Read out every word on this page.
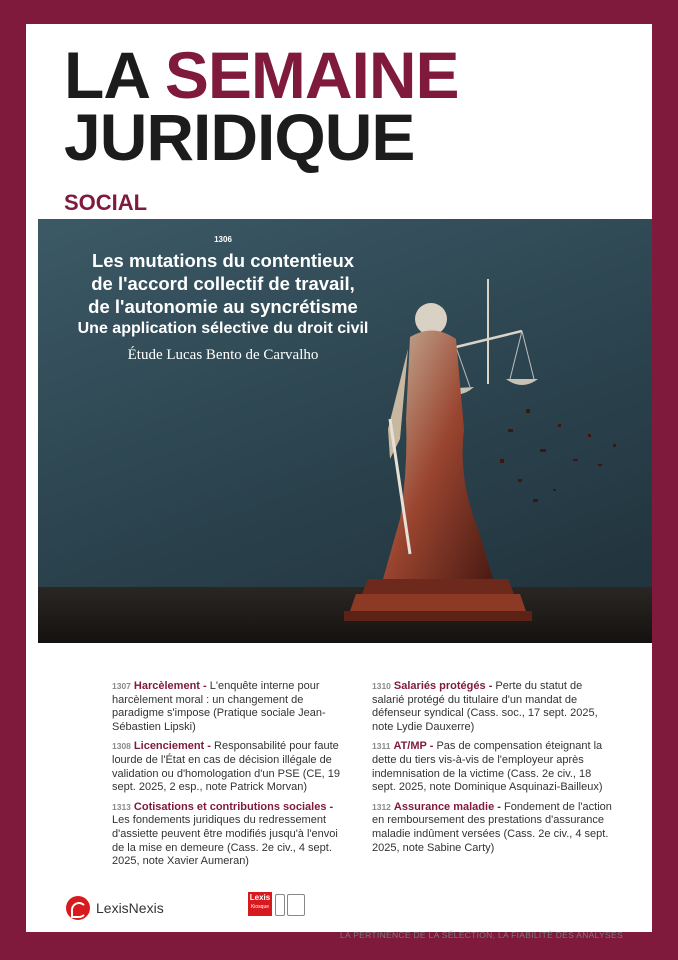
LA SEMAINE
JURIDIQUE
SOCIAL
1307 Harcèlement - L'enquête interne pour harcèlement moral : un changement de paradigme s'impose (Pratique sociale Jean-Sébastien Lipski)
1308 Licenciement - Responsabilité pour faute lourde de l'État en cas de décision illégale de validation ou d'homologation d'un PSE (CE, 19 sept. 2025, 2 esp., note Patrick Morvan)
1313 Cotisations et contributions sociales - Les fondements juridiques du redressement d'assiette peuvent être modifiés jusqu'à l'envoi de la mise en demeure (Cass. 2e civ., 4 sept. 2025, note Xavier Aumeran)
1310 Salariés protégés - Perte du statut de salarié protégé du titulaire d'un mandat de défenseur syndical (Cass. soc., 17 sept. 2025, note Lydie Dauxerre)
1311 AT/MP - Pas de compensation éteignant la dette du tiers vis-à-vis de l'employeur après indemnisation de la victime (Cass. 2e civ., 18 sept. 2025, note Dominique Asquinazi-Bailleux)
1312 Assurance maladie - Fondement de l'action en remboursement des prestations d'assurance maladie indûment versées (Cass. 2e civ., 4 sept. 2025, note Sabine Carty)
LexisNexis
Lexis
Kiosque
LA PERTINENCE DE LA SÉLECTION, LA FIABILITÉ DES ANALYSES
1306
Les mutations du contentieux
de l'accord collectif de travail,
de l'autonomie au syncrétisme
Une application sélective du droit civil
Étude Lucas Bento de Carvalho
